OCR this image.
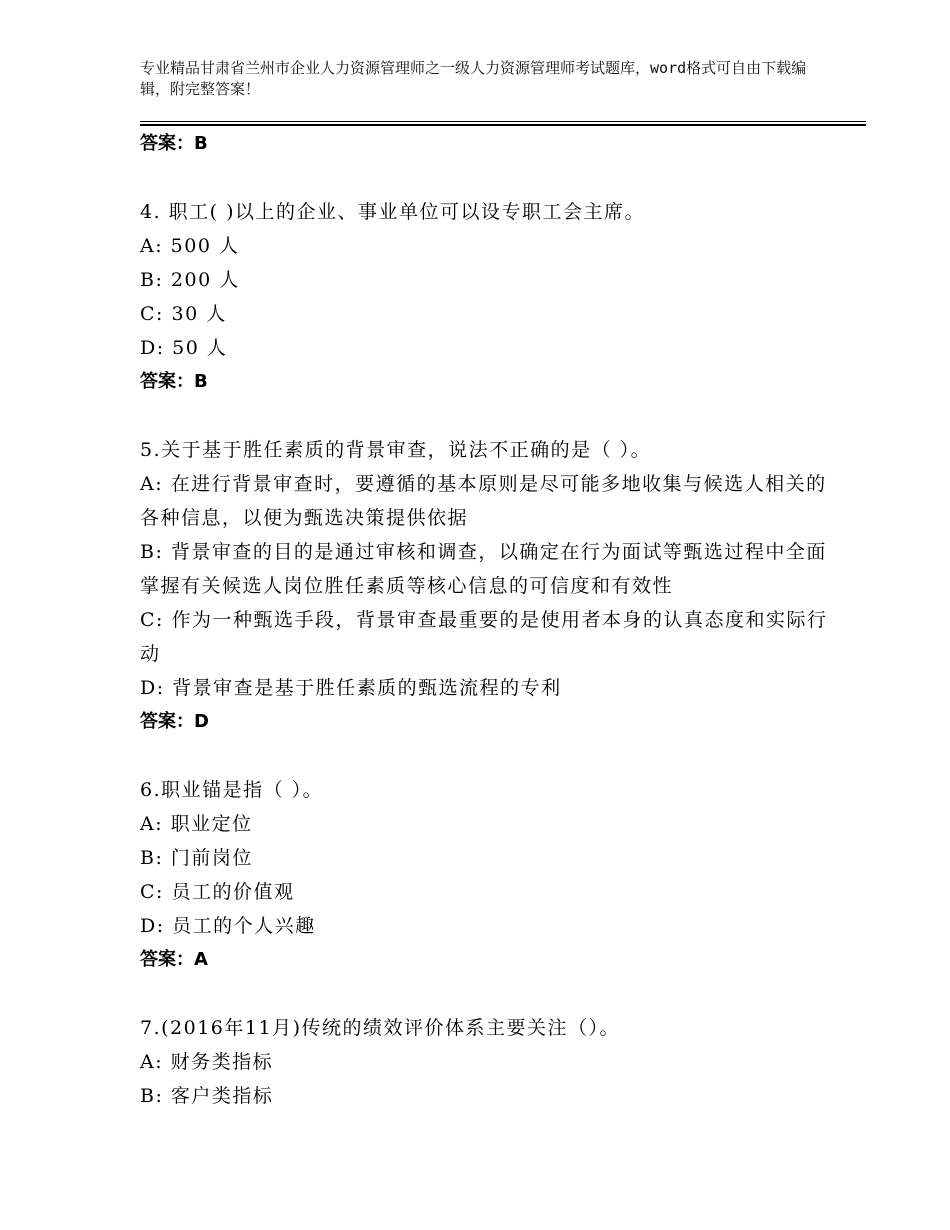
专业精品甘肃省兰州市企业人力资源管理师之一级人力资源管理师考试题库，word格式可自由下载编辑，附完整答案！
答案：B
4. 职工( )以上的企业、事业单位可以设专职工会主席。
A: 500 人
B: 200 人
C: 30 人
D: 50 人
答案：B
5.关于基于胜任素质的背景审查，说法不正确的是（ ）。
A: 在进行背景审查时，要遵循的基本原则是尽可能多地收集与候选人相关的各种信息，以便为甄选决策提供依据
B: 背景审查的目的是通过审核和调查，以确定在行为面试等甄选过程中全面掌握有关候选人岗位胜任素质等核心信息的可信度和有效性
C: 作为一种甄选手段，背景审查最重要的是使用者本身的认真态度和实际行动
D: 背景审查是基于胜任素质的甄选流程的专利
答案：D
6.职业锚是指（ ）。
A: 职业定位
B: 门前岗位
C: 员工的价值观
D: 员工的个人兴趣
答案：A
7.(2016年11月)传统的绩效评价体系主要关注（）。
A: 财务类指标
B: 客户类指标
